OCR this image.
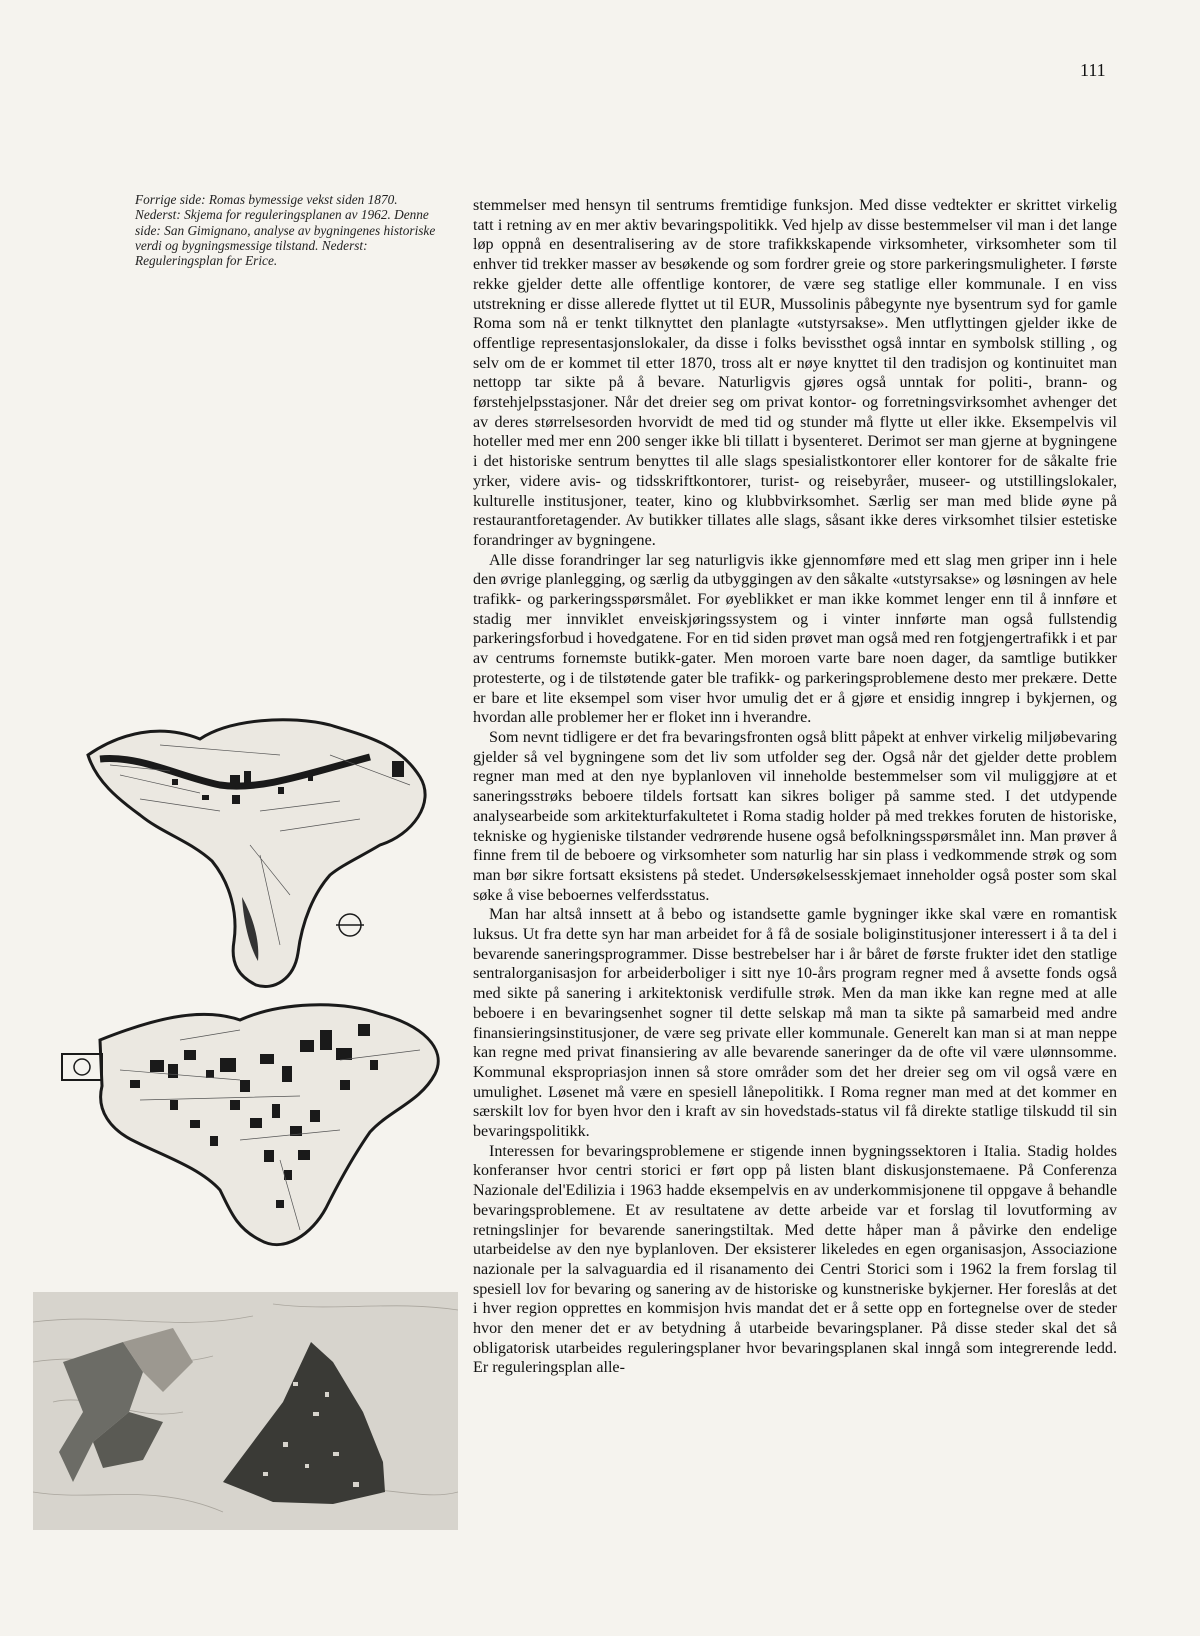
111
Forrige side: Romas bymessige vekst siden 1870. Nederst: Skjema for reguleringsplanen av 1962. Denne side: San Gimignano, analyse av bygningenes historiske verdi og bygningsmessige tilstand. Nederst: Reguleringsplan for Erice.

stemmelser med hensyn til sentrums fremtidige funksjon. Med disse vedtekter er skrittet virkelig tatt i retning av en mer aktiv bevaringspolitikk. Ved hjelp av disse bestemmelser vil man i det lange løp oppnå en desentralisering av de store trafikkskapende virksomheter, virksomheter som til enhver tid trekker masser av besøkende og som fordrer greie og store parkeringsmuligheter. I første rekke gjelder dette alle offentlige kontorer, de være seg statlige eller kommunale. I en viss utstrekning er disse allerede flyttet ut til EUR, Mussolinis påbegynte nye bysentrum syd for gamle Roma som nå er tenkt tilknyttet den planlagte «utstyrsakse». Men utflyttingen gjelder ikke de offentlige representasjonslokaler, da disse i folks bevissthet også inntar en symbolsk stilling , og selv om de er kommet til etter 1870, tross alt er nøye knyttet til den tradisjon og kontinuitet man nettopp tar sikte på å bevare. Naturligvis gjøres også unntak for politi-, brann- og førstehjelpsstasjoner. Når det dreier seg om privat kontor- og forretningsvirksomhet avhenger det av deres størrelsesorden hvorvidt de med tid og stunder må flytte ut eller ikke. Eksempelvis vil hoteller med mer enn 200 senger ikke bli tillatt i bysenteret. Derimot ser man gjerne at bygningene i det historiske sentrum benyttes til alle slags spesialistkontorer eller kontorer for de såkalte frie yrker, videre avis- og tidsskriftkontorer, turist- og reisebyråer, museer- og utstillingslokaler, kulturelle institusjoner, teater, kino og klubbvirksomhet. Særlig ser man med blide øyne på restaurantforetagender. Av butikker tillates alle slags, såsant ikke deres virksomhet tilsier estetiske forandringer av bygningene.

Alle disse forandringer lar seg naturligvis ikke gjennomføre med ett slag men griper inn i hele den øvrige planlegging, og særlig da utbyggingen av den såkalte «utstyrsakse» og løsningen av hele trafikk- og parkeringsspørsmålet. For øyeblikket er man ikke kommet lenger enn til å innføre et stadig mer innviklet enveiskjøringssystem og i vinter innførte man også fullstendig parkeringsforbud i hovedgatene. For en tid siden prøvet man også med ren fotgjengertrafikk i et par av centrums fornemste butikk-gater. Men moroen varte bare noen dager, da samtlige butikker protesterte, og i de tilstøtende gater ble trafikk- og parkeringsproblemene desto mer prekære. Dette er bare et lite eksempel som viser hvor umulig det er å gjøre et ensidig inngrep i bykjernen, og hvordan alle problemer her er floket inn i hverandre.

Som nevnt tidligere er det fra bevaringsfronten også blitt påpekt at enhver virkelig miljøbevaring gjelder så vel bygningene som det liv som utfolder seg der. Også når det gjelder dette problem regner man med at den nye byplanloven vil inneholde bestemmelser som vil muliggjøre at et saneringsstrøks beboere tildels fortsatt kan sikres boliger på samme sted. I det utdypende analysearbeide som arkitekturfakultetet i Roma stadig holder på med trekkes foruten de historiske, tekniske og hygieniske tilstander vedrørende husene også befolkningsspørsmålet inn. Man prøver å finne frem til de beboere og virksomheter som naturlig har sin plass i vedkommende strøk og som man bør sikre fortsatt eksistens på stedet. Undersøkelsesskjemaet inneholder også poster som skal søke å vise beboernes velferdsstatus.

Man har altså innsett at å bebo og istandsette gamle bygninger ikke skal være en romantisk luksus. Ut fra dette syn har man arbeidet for å få de sosiale boliginstitusjoner interessert i å ta del i bevarende saneringsprogrammer. Disse bestrebelser har i år båret de første frukter idet den statlige sentralorganisasjon for arbeiderboliger i sitt nye 10-års program regner med å avsette fonds også med sikte på sanering i arkitektonisk verdifulle strøk. Men da man ikke kan regne med at alle beboere i en bevaringsenhet sogner til dette selskap må man ta sikte på samarbeid med andre finansieringsinstitusjoner, de være seg private eller kommunale. Generelt kan man si at man neppe kan regne med privat finansiering av alle bevarende saneringer da de ofte vil være ulønnsomme. Kommunal ekspropriasjon innen så store områder som det her dreier seg om vil også være en umulighet. Løsenet må være en spesiell lånepolitikk. I Roma regner man med at det kommer en særskilt lov for byen hvor den i kraft av sin hovedstads-status vil få direkte statlige tilskudd til sin bevaringspolitikk.

Interessen for bevaringsproblemene er stigende innen bygningssektoren i Italia. Stadig holdes konferanser hvor centri storici er ført opp på listen blant diskusjonstemaene. På Conferenza Nazionale del'Edilizia i 1963 hadde eksempelvis en av underkommisjonene til oppgave å behandle bevaringsproblemene. Et av resultatene av dette arbeide var et forslag til lovutforming av retningslinjer for bevarende saneringstiltak. Med dette håper man å påvirke den endelige utarbeidelse av den nye byplanloven. Der eksisterer likeledes en egen organisasjon, Associazione nazionale per la salvaguardia ed il risanamento dei Centri Storici som i 1962 la frem forslag til spesiell lov for bevaring og sanering av de historiske og kunstneriske bykjerner. Her foreslås at det i hver region opprettes en kommisjon hvis mandat det er å sette opp en fortegnelse over de steder hvor den mener det er av betydning å utarbeide bevaringsplaner. På disse steder skal det så obligatorisk utarbeides reguleringsplaner hvor bevaringsplanen skal inngå som integrerende ledd. Er reguleringsplan alle-
